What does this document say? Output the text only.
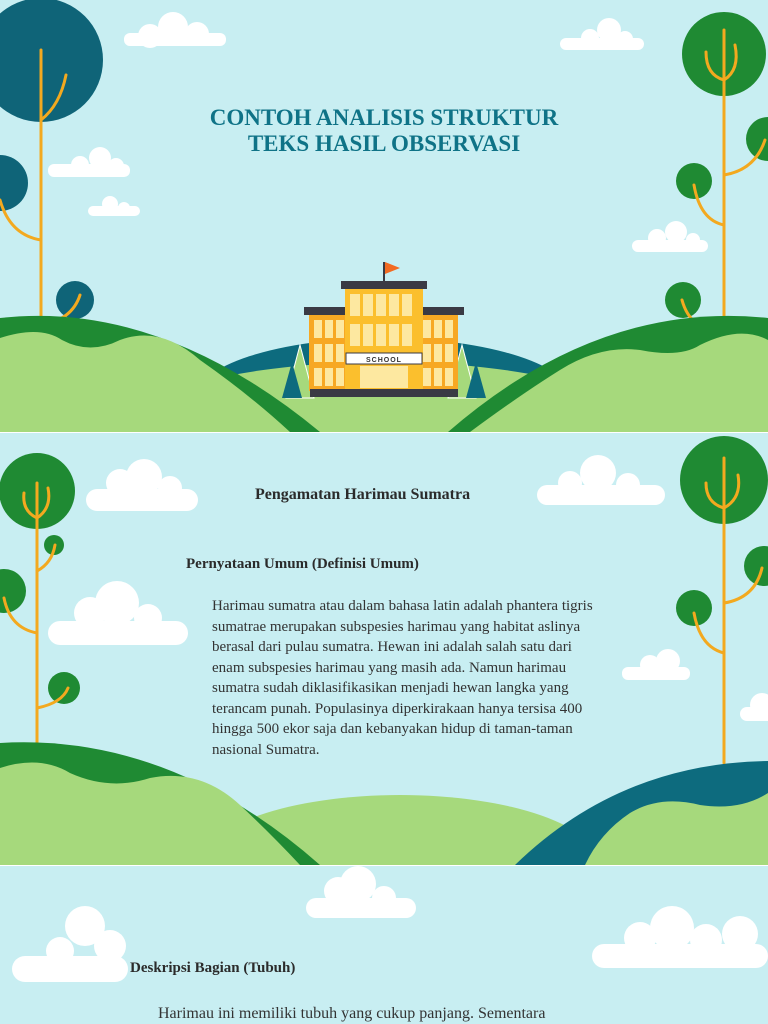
SCHOOL
CONTOH ANALISIS STRUKTUR
TEKS HASIL OBSERVASI

Pengamatan Harimau Sumatra

Pernyataan Umum (Definisi Umum)

Harimau sumatra atau dalam bahasa latin adalah phantera tigris
sumatrae merupakan subspesies harimau yang habitat aslinya
berasal dari pulau sumatra. Hewan ini adalah salah satu dari
enam subspesies harimau yang masih ada. Namun harimau
sumatra sudah diklasifikasikan menjadi hewan langka yang
terancam punah. Populasinya diperkirakaan hanya tersisa 400
hingga 500 ekor saja dan kebanyakan hidup di taman-taman
nasional Sumatra.

Deskripsi Bagian (Tubuh)

Harimau ini memiliki tubuh yang cukup panjang. Sementara
